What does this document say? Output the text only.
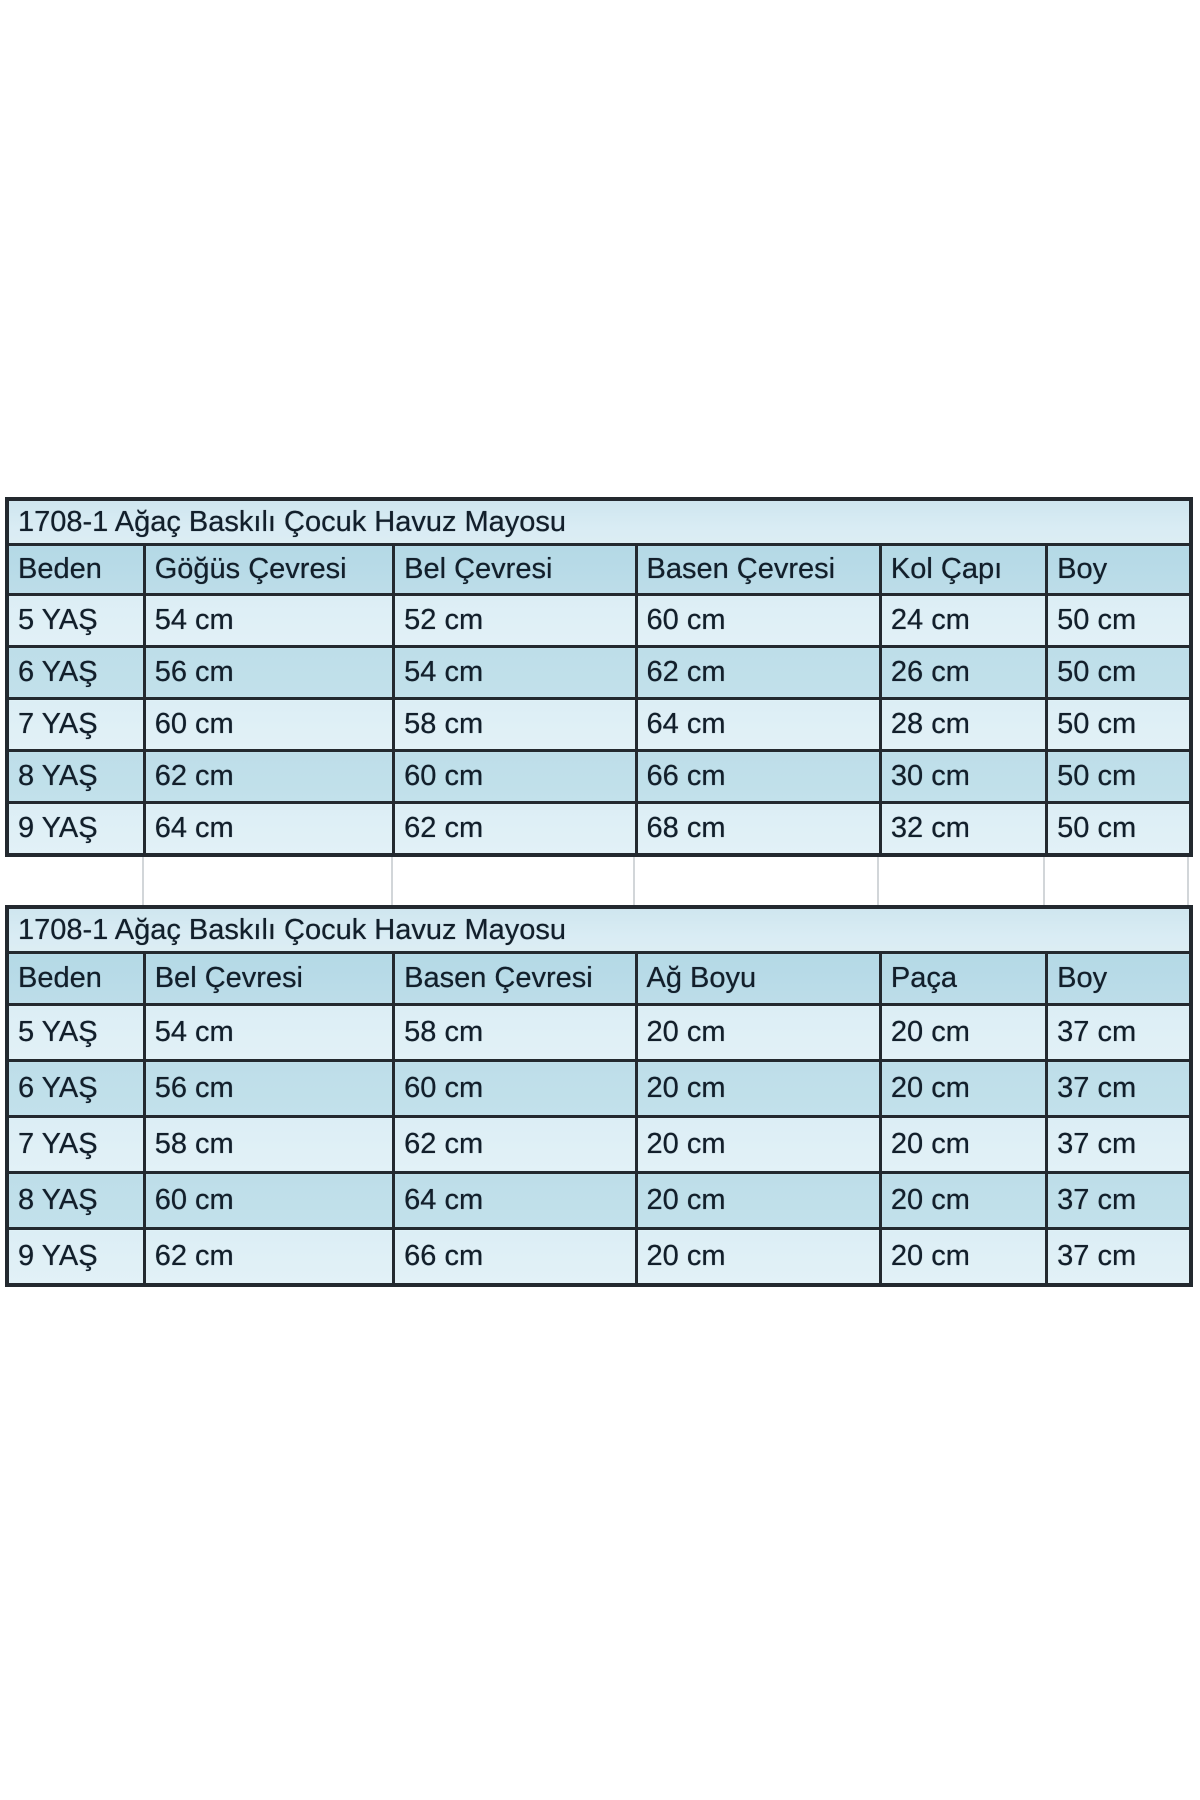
1708-1 Ağaç Baskılı Çocuk Havuz Mayosu					
Beden	Göğüs Çevresi	Bel Çevresi	Basen Çevresi	Kol Çapı	Boy
5 YAŞ	54 cm	52 cm	60 cm	24 cm	50 cm
6 YAŞ	56 cm	54 cm	62 cm	26 cm	50 cm
7 YAŞ	60 cm	58 cm	64 cm	28 cm	50 cm
8 YAŞ	62 cm	60 cm	66 cm	30 cm	50 cm
9 YAŞ	64 cm	62 cm	68 cm	32 cm	50 cm
1708-1 Ağaç Baskılı Çocuk Havuz Mayosu					
Beden	Bel Çevresi	Basen Çevresi	Ağ Boyu	Paça	Boy
5 YAŞ	54 cm	58 cm	20 cm	20 cm	37 cm
6 YAŞ	56 cm	60 cm	20 cm	20 cm	37 cm
7 YAŞ	58 cm	62 cm	20 cm	20 cm	37 cm
8 YAŞ	60 cm	64 cm	20 cm	20 cm	37 cm
9 YAŞ	62 cm	66 cm	20 cm	20 cm	37 cm
